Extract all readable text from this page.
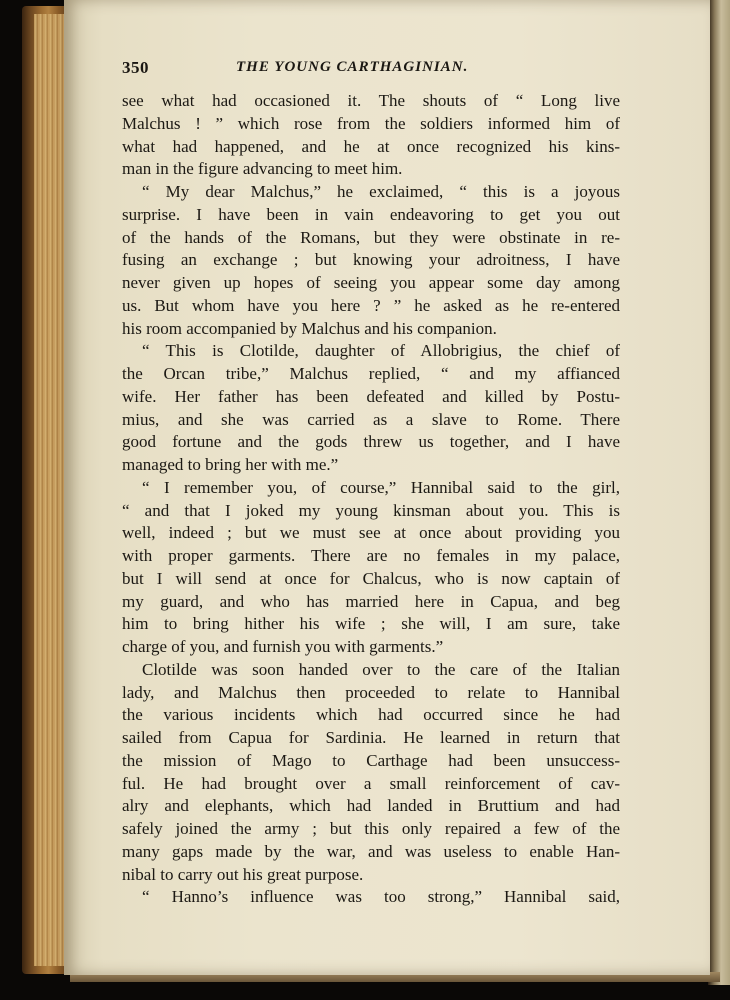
350	THE YOUNG CARTHAGINIAN.
see what had occasioned it. The shouts of “ Long live
Malchus ! ” which rose from the soldiers informed him of
what had happened, and he at once recognized his kins-
man in the figure advancing to meet him.
“ My dear Malchus,” he exclaimed, “ this is a joyous
surprise. I have been in vain endeavoring to get you out
of the hands of the Romans, but they were obstinate in re-
fusing an exchange ; but knowing your adroitness, I have
never given up hopes of seeing you appear some day among
us. But whom have you here ? ” he asked as he re-entered
his room accompanied by Malchus and his companion.
“ This is Clotilde, daughter of Allobrigius, the chief of
the Orcan tribe,” Malchus replied, “ and my affianced
wife. Her father has been defeated and killed by Postu-
mius, and she was carried as a slave to Rome. There
good fortune and the gods threw us together, and I have
managed to bring her with me.”
“ I remember you, of course,” Hannibal said to the girl,
“ and that I joked my young kinsman about you. This is
well, indeed ; but we must see at once about providing you
with proper garments. There are no females in my palace,
but I will send at once for Chalcus, who is now captain of
my guard, and who has married here in Capua, and beg
him to bring hither his wife ; she will, I am sure, take
charge of you, and furnish you with garments.”
Clotilde was soon handed over to the care of the Italian
lady, and Malchus then proceeded to relate to Hannibal
the various incidents which had occurred since he had
sailed from Capua for Sardinia. He learned in return that
the mission of Mago to Carthage had been unsuccess-
ful. He had brought over a small reinforcement of cav-
alry and elephants, which had landed in Bruttium and had
safely joined the army ; but this only repaired a few of the
many gaps made by the war, and was useless to enable Han-
nibal to carry out his great purpose.
“ Hanno’s influence was too strong,” Hannibal said,
